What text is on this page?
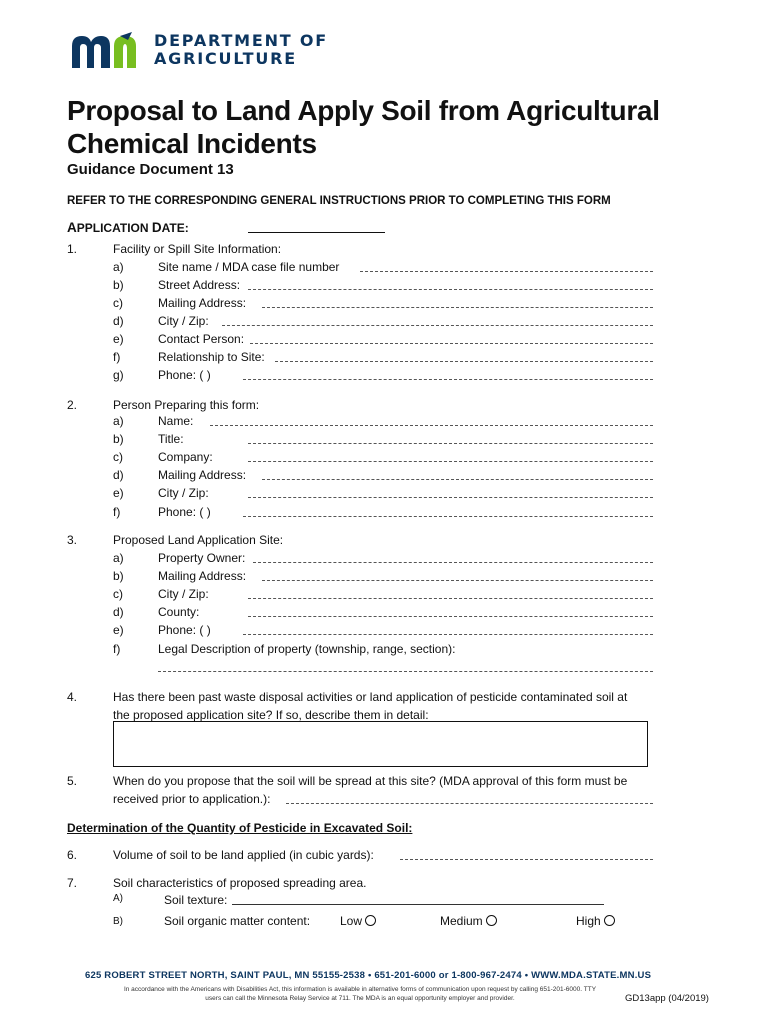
DEPARTMENT OF
AGRICULTURE
Proposal to Land Apply Soil from Agricultural Chemical Incidents
Guidance Document 13
REFER TO THE CORRESPONDING GENERAL INSTRUCTIONS PRIOR TO COMPLETING THIS FORM
APPLICATION DATE:
1.	Facility or Spill Site Information:
a)	Site name / MDA case file number
b)	Street Address:
c)	Mailing Address:
d)	City / Zip:
e)	Contact Person:
f)	Relationship to Site:
g)	Phone: ( )
2.	Person Preparing this form:
a)	Name:
b)	Title:
c)	Company:
d)	Mailing Address:
e)	City / Zip:
f)	Phone: ( )
3.	Proposed Land Application Site:
a)	Property Owner:
b)	Mailing Address:
c)	City / Zip:
d)	County:
e)	Phone: ( )
f)	Legal Description of property (township, range, section):
4.	Has there been past waste disposal activities or land application of pesticide contaminated soil at
the proposed application site? If so, describe them in detail:
5.	When do you propose that the soil will be spread at this site? (MDA approval of this form must be
received prior to application.):
Determination of the Quantity of Pesticide in Excavated Soil:
6.	Volume of soil to be land applied (in cubic yards):
7.	Soil characteristics of proposed spreading area.
A)	Soil texture:
B)	Soil organic matter content: Low	Medium	High
625 ROBERT STREET NORTH, SAINT PAUL, MN 55155-2538 • 651-201-6000 or 1-800-967-2474 • WWW.MDA.STATE.MN.US
In accordance with the Americans with Disabilities Act, this information is available in alternative forms of communication upon request by calling 651-201-6000. TTY users can call the Minnesota Relay Service at 711. The MDA is an equal opportunity employer and provider.	GD13app (04/2019)
